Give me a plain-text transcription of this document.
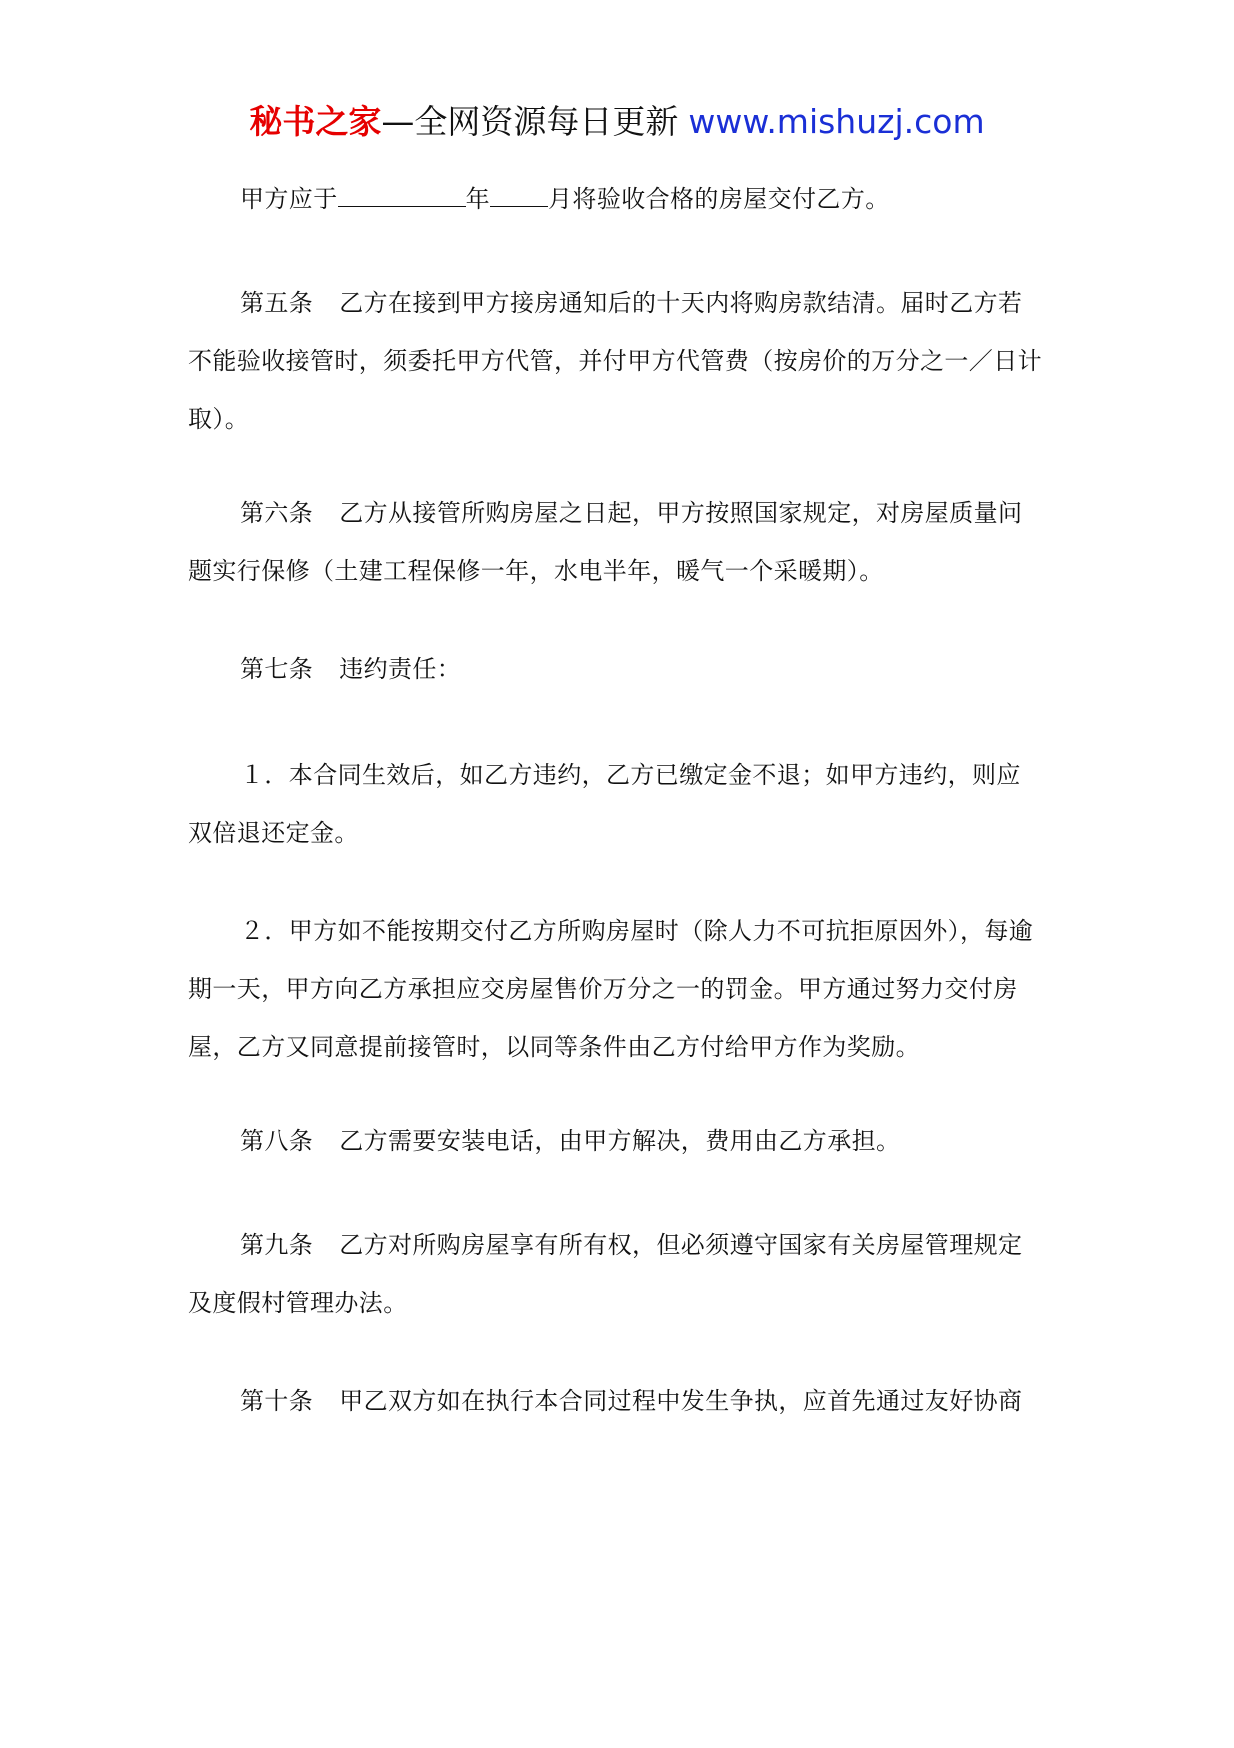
秘书之家—全网资源每日更新 www.mishuzj.com

甲方应于	年 月将验收合格的房屋交付乙方。

第五条 乙方在接到甲方接房通知后的十天内将购房款结清。届时乙方若不能验收接管时，须委托甲方代管，并付甲方代管费（按房价的万分之一／日计取）。

第六条 乙方从接管所购房屋之日起，甲方按照国家规定，对房屋质量问题实行保修（土建工程保修一年，水电半年，暖气一个采暖期）。

第七条 违约责任：

１．本合同生效后，如乙方违约，乙方已缴定金不退；如甲方违约，则应双倍退还定金。

２．甲方如不能按期交付乙方所购房屋时（除人力不可抗拒原因外），每逾期一天，甲方向乙方承担应交房屋售价万分之一的罚金。甲方通过努力交付房屋，乙方又同意提前接管时，以同等条件由乙方付给甲方作为奖励。

第八条 乙方需要安装电话，由甲方解决，费用由乙方承担。

第九条 乙方对所购房屋享有所有权，但必须遵守国家有关房屋管理规定及度假村管理办法。

第十条 甲乙双方如在执行本合同过程中发生争执，应首先通过友好协商
